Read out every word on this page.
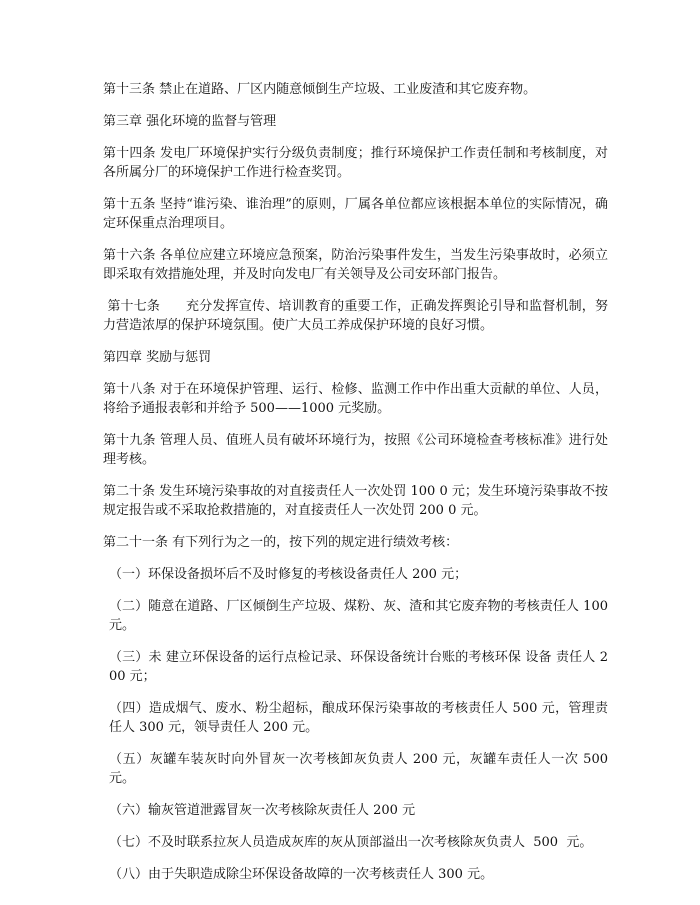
第十三条 禁止在道路、厂区内随意倾倒生产垃圾、工业废渣和其它废弃物。

第三章 强化环境的监督与管理

第十四条 发电厂环境保护实行分级负责制度；推行环境保护工作责任制和考核制度，对各所属分厂的环境保护工作进行检查奖罚。

第十五条 坚持“谁污染、谁治理”的原则，厂属各单位都应该根据本单位的实际情况，确定环保重点治理项目。

第十六条 各单位应建立环境应急预案，防治污染事件发生，当发生污染事故时，必须立即采取有效措施处理，并及时向发电厂有关领导及公司安环部门报告。

第十七条      充分发挥宣传、培训教育的重要工作，正确发挥舆论引导和监督机制，努力营造浓厚的保护环境氛围。使广大员工养成保护环境的良好习惯。

第四章 奖励与惩罚

第十八条 对于在环境保护管理、运行、检修、监测工作中作出重大贡献的单位、人员，将给予通报表彰和并给予 500——1000 元奖励。

第十九条 管理人员、值班人员有破坏环境行为，按照《公司环境检查考核标准》进行处理考核。

第二十条 发生环境污染事故的对直接责任人一次处罚 100 0 元；发生环境污染事故不按规定报告或不采取抢救措施的，对直接责任人一次处罚 200 0 元。

第二十一条 有下列行为之一的，按下列的规定进行绩效考核：

（一）环保设备损坏后不及时修复的考核设备责任人 200 元；

（二）随意在道路、厂区倾倒生产垃圾、煤粉、灰、渣和其它废弃物的考核责任人 100 元。

（三）未 建立环保设备的运行点检记录、环保设备统计台账的考核环保 设备 责任人 200 元；

（四）造成烟气、废水、粉尘超标，酿成环保污染事故的考核责任人 500 元，管理责任人 300 元，领导责任人 200 元。

（五）灰罐车装灰时向外冒灰一次考核卸灰负责人 200 元，灰罐车责任人一次 500 元。

（六）输灰管道泄露冒灰一次考核除灰责任人 200 元

（七）不及时联系拉灰人员造成灰库的灰从顶部溢出一次考核除灰负责人  500  元。

（八）由于失职造成除尘环保设备故障的一次考核责任人 300 元。
